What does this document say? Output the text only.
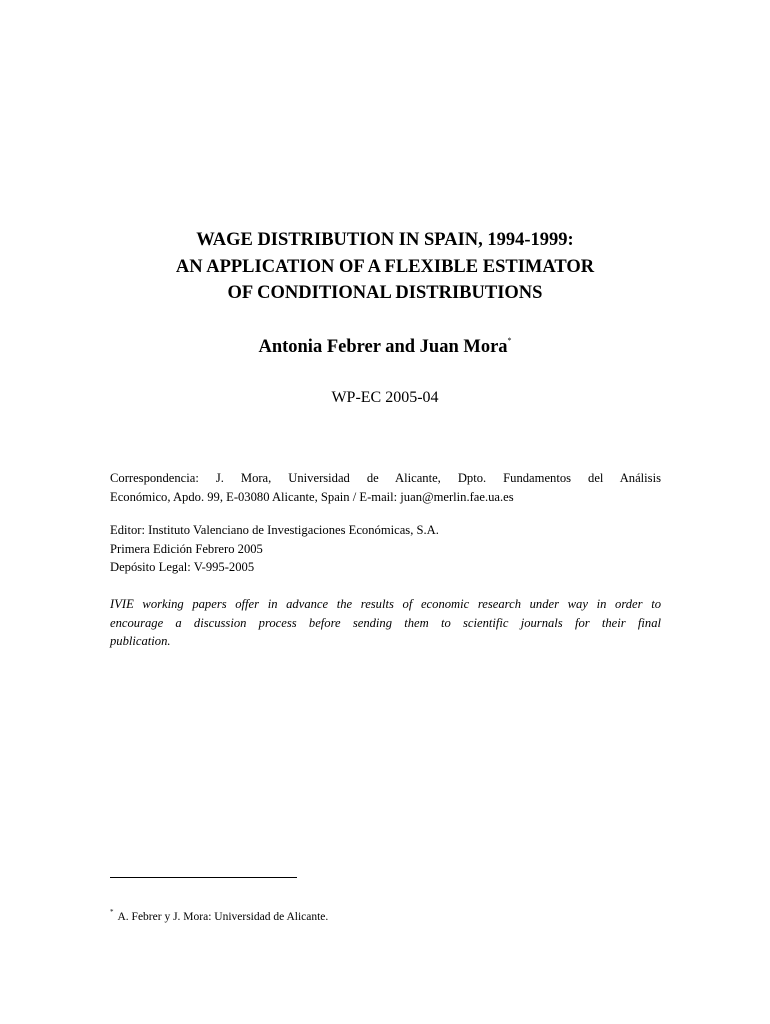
WAGE DISTRIBUTION IN SPAIN, 1994-1999:
AN APPLICATION OF A FLEXIBLE ESTIMATOR
OF CONDITIONAL DISTRIBUTIONS
Antonia Febrer and Juan Mora*
WP-EC 2005-04
Correspondencia: J. Mora, Universidad de Alicante, Dpto. Fundamentos del Análisis
Económico, Apdo. 99, E-03080 Alicante, Spain / E-mail: juan@merlin.fae.ua.es
Editor: Instituto Valenciano de Investigaciones Económicas, S.A.
Primera Edición Febrero 2005
Depósito Legal: V-995-2005
IVIE working papers offer in advance the results of economic research under way in order to
encourage a discussion process before sending them to scientific journals for their final
publication.
* A. Febrer y J. Mora: Universidad de Alicante.
